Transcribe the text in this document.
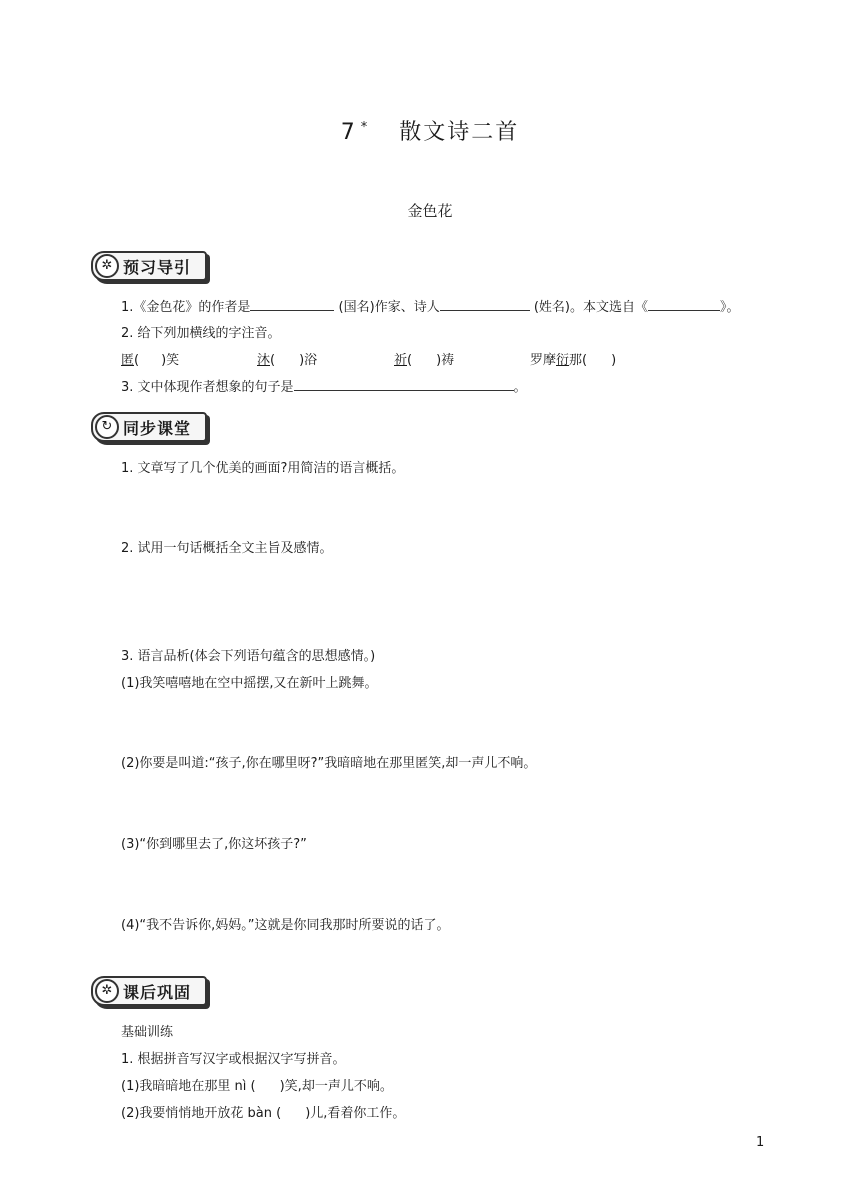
7 * 散文诗二首
金色花
✲ 预习导引
1.《金色花》的作者是	(国名)作家、诗人	(姓名)。本文选自《	》。
2. 给下列加横线的字注音。
匿( )笑	沐( )浴	祈( )祷	罗摩衍那( )
3. 文中体现作者想象的句子是	。
↻ 同步课堂
1. 文章写了几个优美的画面?用简洁的语言概括。
2. 试用一句话概括全文主旨及感情。
3. 语言品析(体会下列语句蕴含的思想感情。)
(1)我笑嘻嘻地在空中摇摆,又在新叶上跳舞。
(2)你要是叫道:“孩子,你在哪里呀?”我暗暗地在那里匿笑,却一声儿不响。
(3)“你到哪里去了,你这坏孩子?”
(4)“我不告诉你,妈妈。”这就是你同我那时所要说的话了。
✲ 课后巩固
基础训练
1. 根据拼音写汉字或根据汉字写拼音。
(1)我暗暗地在那里 nì ( )笑,却一声儿不响。
(2)我要悄悄地开放花 bàn ( )儿,看着你工作。
1
